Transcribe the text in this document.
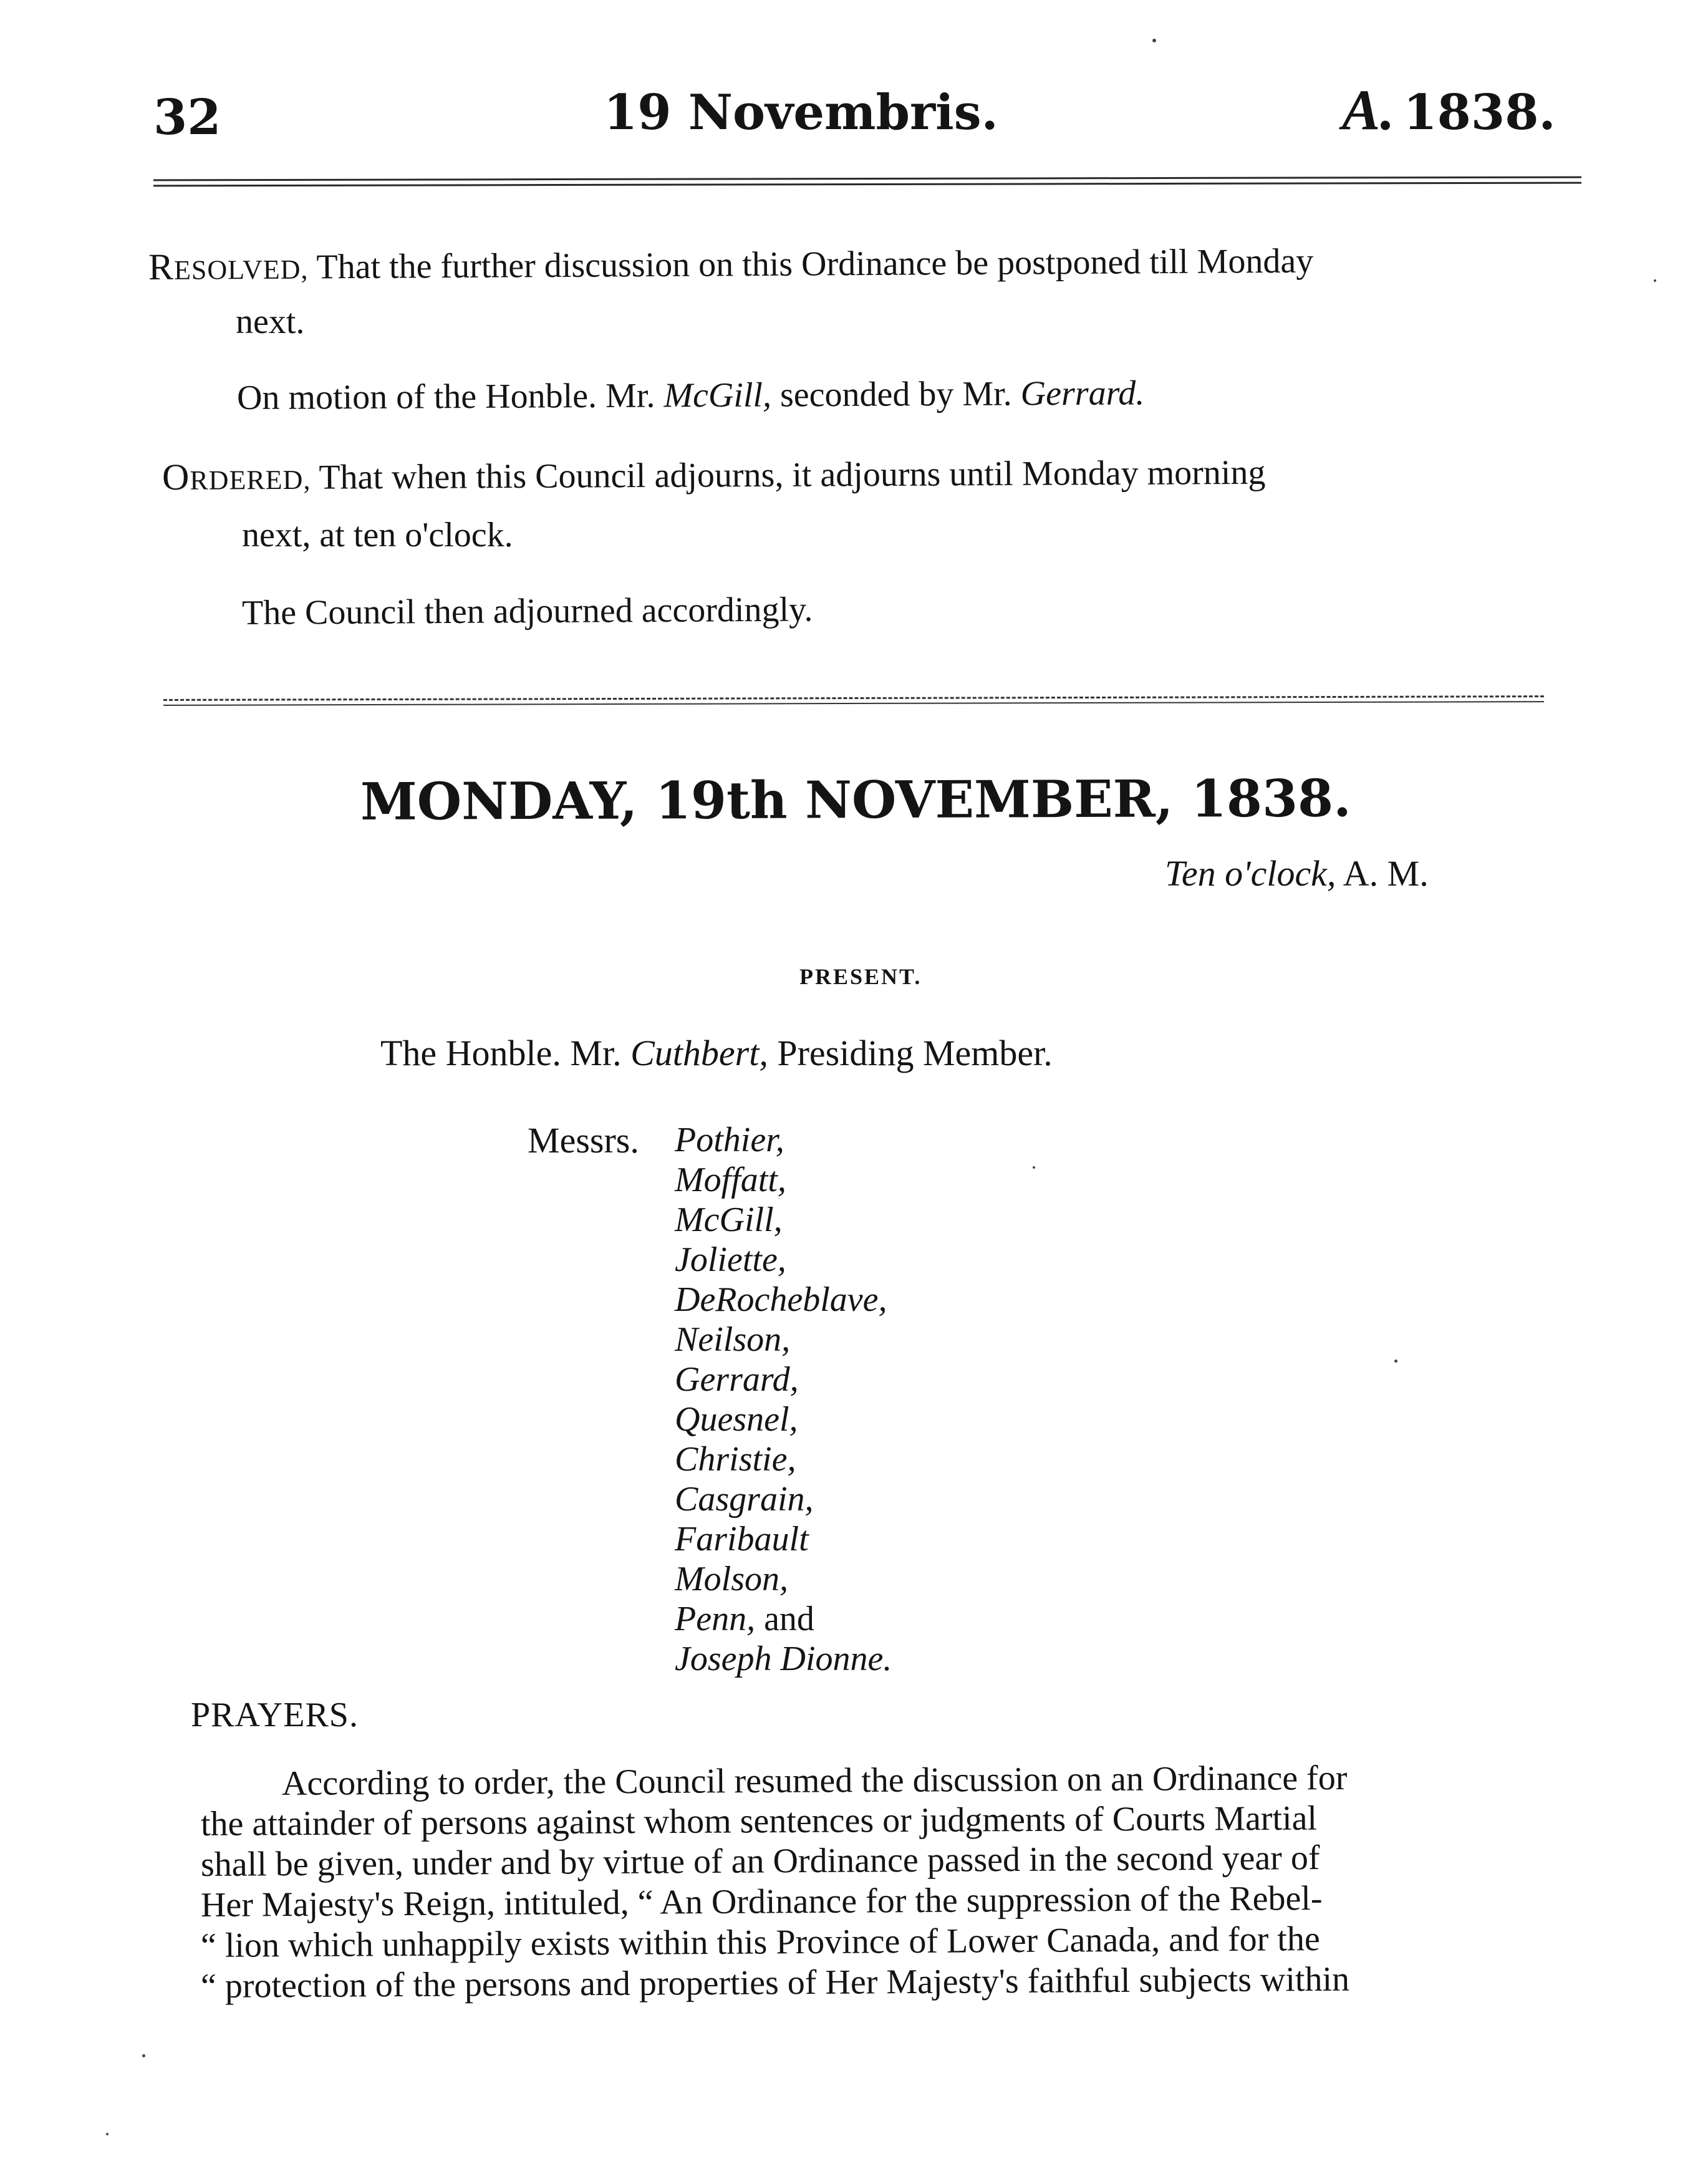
32	19 Novembris.	A. 1838.
RESOLVED, That the further discussion on this Ordinance be postponed till Monday
next.
On motion of the Honble. Mr. McGill, seconded by Mr. Gerrard.
ORDERED, That when this Council adjourns, it adjourns until Monday morning
next, at ten o'clock.
The Council then adjourned accordingly.
MONDAY, 19th NOVEMBER, 1838.
Ten o'clock, A. M.
PRESENT.
The Honble. Mr. Cuthbert, Presiding Member.
Messrs. Pothier,
Moffatt,
McGill,
Joliette,
DeRocheblave,
Neilson,
Gerrard,
Quesnel,
Christie,
Casgrain,
Faribault
Molson,
Penn, and
Joseph Dionne.
PRAYERS.
According to order, the Council resumed the discussion on an Ordinance for
the attainder of persons against whom sentences or judgments of Courts Martial
shall be given, under and by virtue of an Ordinance passed in the second year of
Her Majesty's Reign, intituled, “ An Ordinance for the suppression of the Rebel-
“ lion which unhappily exists within this Province of Lower Canada, and for the
“ protection of the persons and properties of Her Majesty's faithful subjects within
